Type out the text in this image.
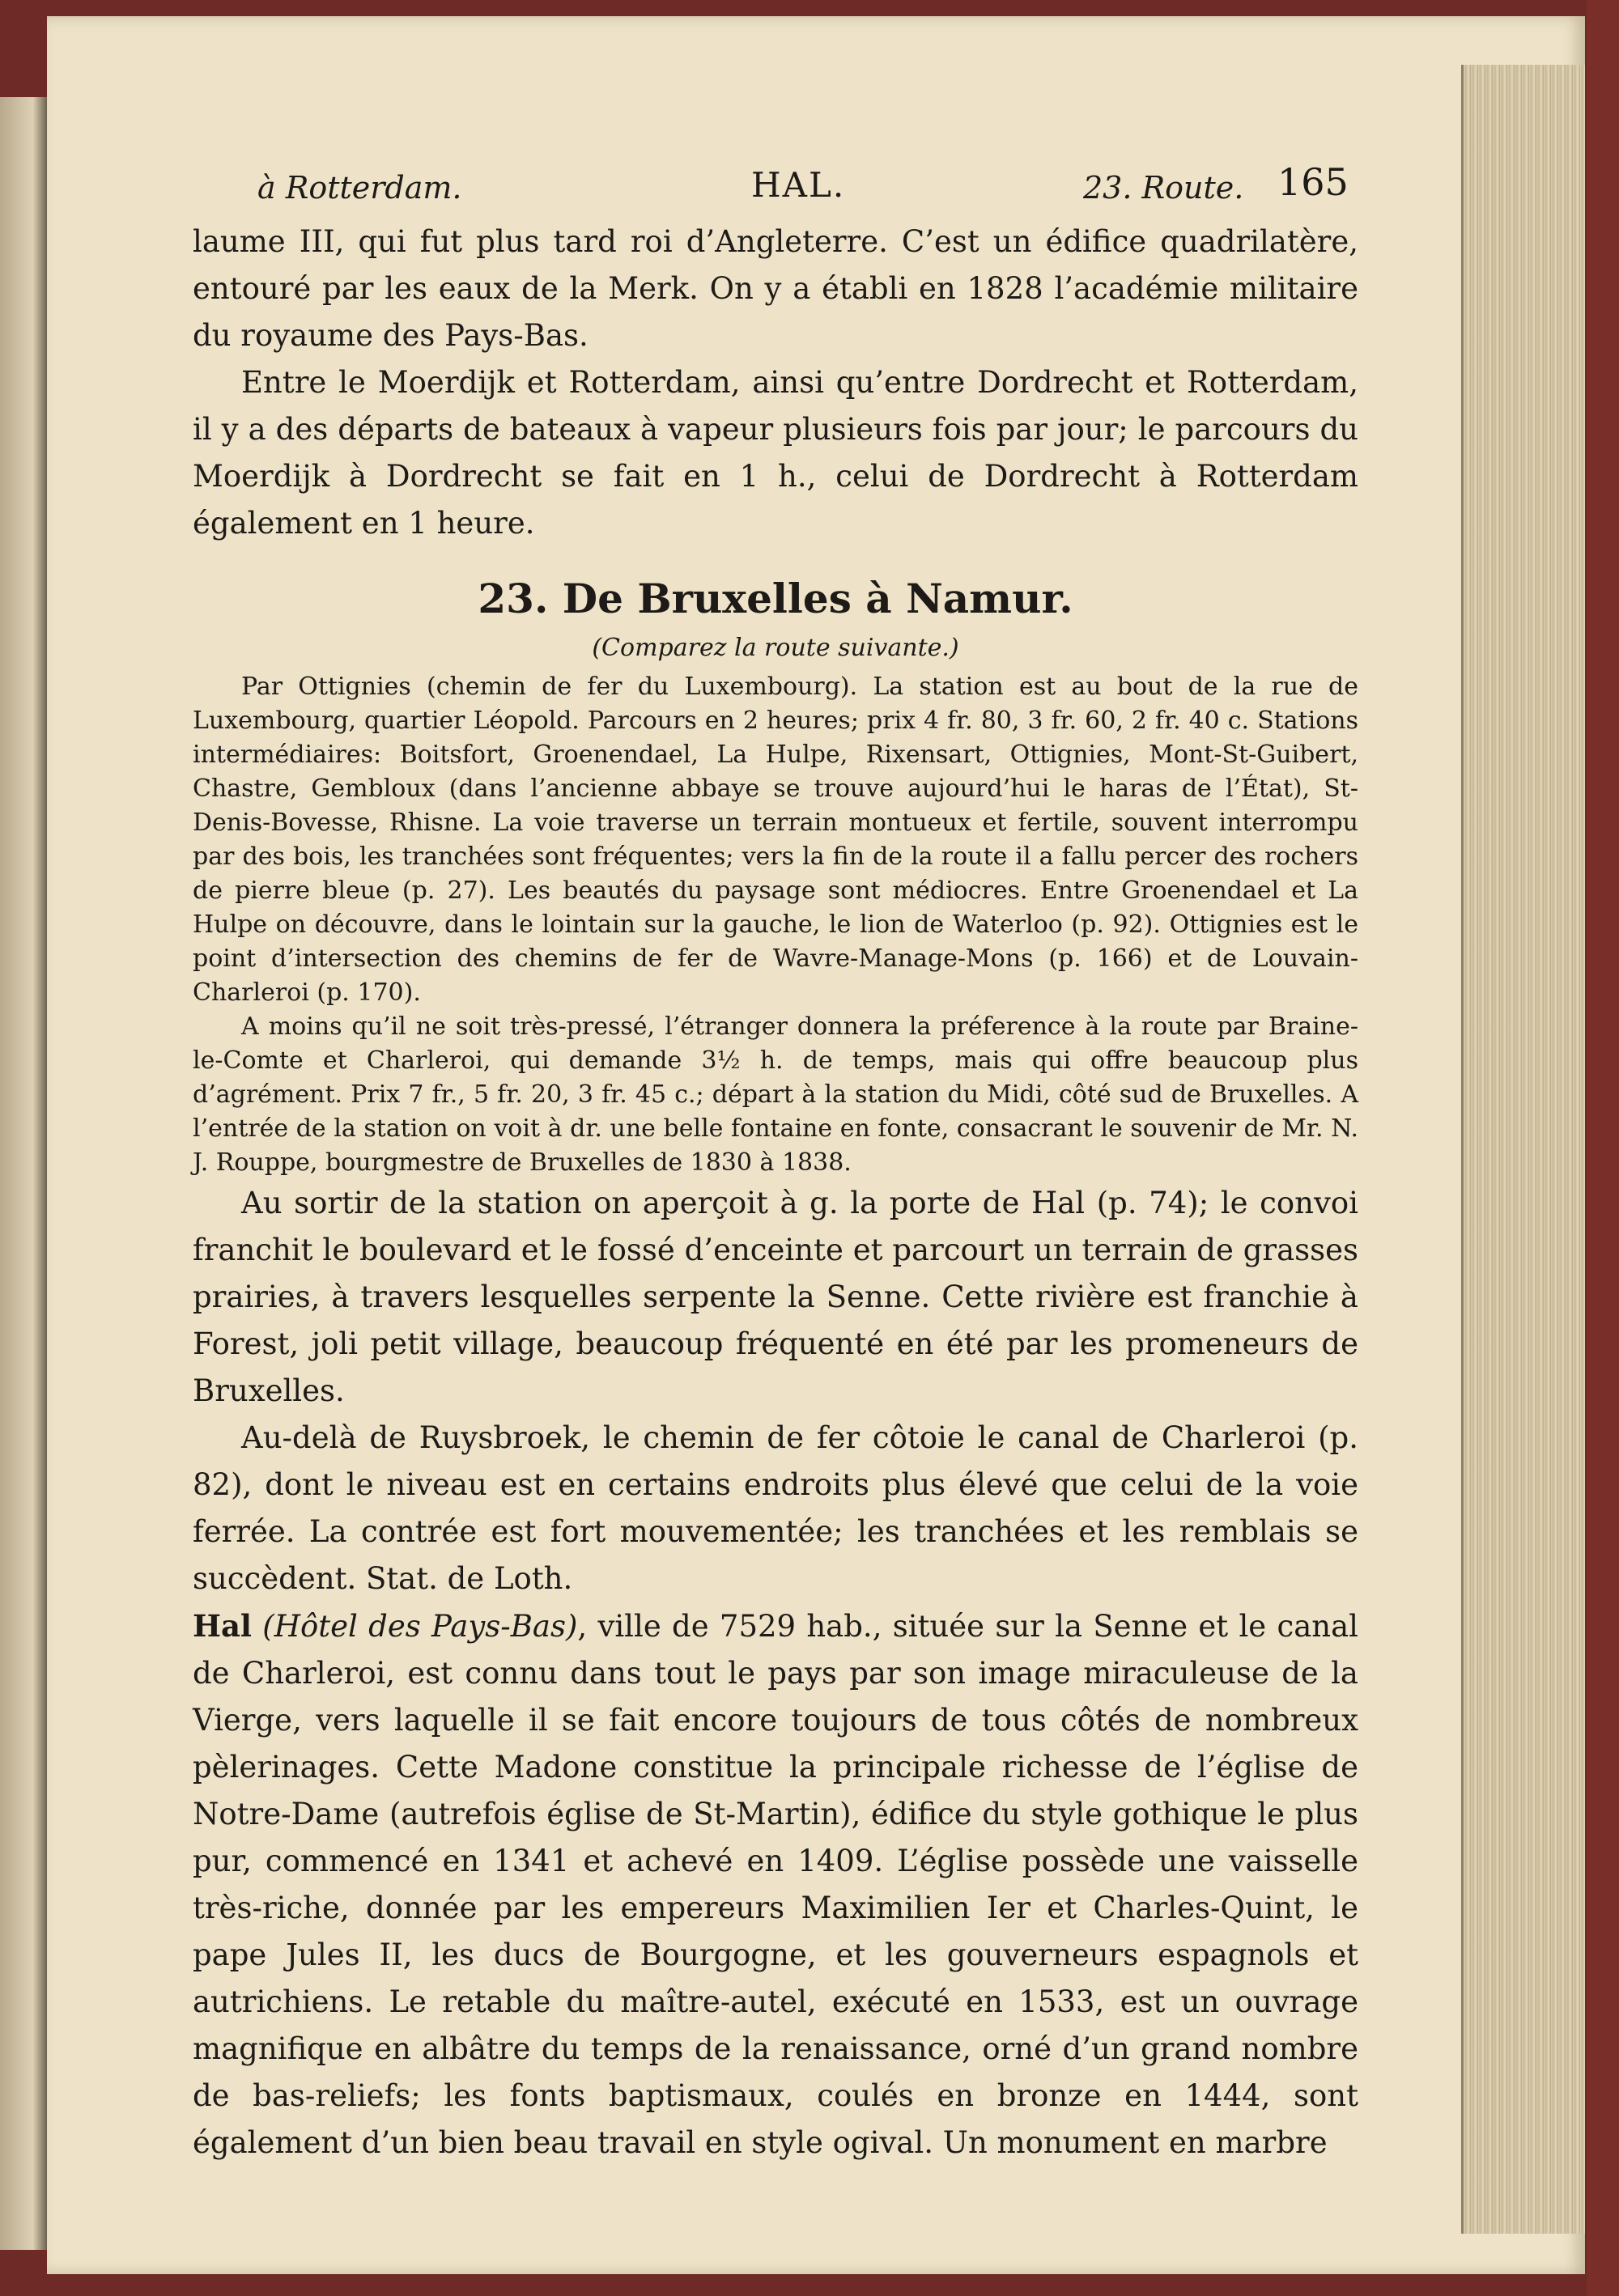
à Rotterdam.	HAL.	23. Route. 165

laume III, qui fut plus tard roi d’Angleterre. C’est un édifice quadrilatère, entouré par les eaux de la Merk. On y a établi en 1828 l’académie militaire du royaume des Pays-Bas.

Entre le Moerdijk et Rotterdam, ainsi qu’entre Dordrecht et Rotterdam, il y a des départs de bateaux à vapeur plusieurs fois par jour; le parcours du Moerdijk à Dordrecht se fait en 1 h., celui de Dordrecht à Rotterdam également en 1 heure.

23. De Bruxelles à Namur.
(Comparez la route suivante.)

Par Ottignies (chemin de fer du Luxembourg). La station est au bout de la rue de Luxembourg, quartier Léopold. Parcours en 2 heures; prix 4 fr. 80, 3 fr. 60, 2 fr. 40 c. Stations intermédiaires: Boitsfort, Groenendael, La Hulpe, Rixensart, Ottignies, Mont-St-Guibert, Chastre, Gembloux (dans l’ancienne abbaye se trouve aujourd’hui le haras de l’État), St-Denis-Bovesse, Rhisne. La voie traverse un terrain montueux et fertile, souvent interrompu par des bois, les tranchées sont fréquentes; vers la fin de la route il a fallu percer des rochers de pierre bleue (p. 27). Les beautés du paysage sont médiocres. Entre Groenendael et La Hulpe on découvre, dans le lointain sur la gauche, le lion de Waterloo (p. 92). Ottignies est le point d’intersection des chemins de fer de Wavre-Manage-Mons (p. 166) et de Louvain-Charleroi (p. 170).

A moins qu’il ne soit très-pressé, l’étranger donnera la préference à la route par Braine-le-Comte et Charleroi, qui demande 3½ h. de temps, mais qui offre beaucoup plus d’agrément. Prix 7 fr., 5 fr. 20, 3 fr. 45 c.; départ à la station du Midi, côté sud de Bruxelles. A l’entrée de la station on voit à dr. une belle fontaine en fonte, consacrant le souvenir de Mr. N. J. Rouppe, bourgmestre de Bruxelles de 1830 à 1838.

Au sortir de la station on aperçoit à g. la porte de Hal (p. 74); le convoi franchit le boulevard et le fossé d’enceinte et parcourt un terrain de grasses prairies, à travers lesquelles serpente la Senne. Cette rivière est franchie à Forest, joli petit village, beaucoup fréquenté en été par les promeneurs de Bruxelles.

Au-delà de Ruysbroek, le chemin de fer côtoie le canal de Charleroi (p. 82), dont le niveau est en certains endroits plus élevé que celui de la voie ferrée. La contrée est fort mouvementée; les tranchées et les remblais se succèdent. Stat. de Loth.

Hal (Hôtel des Pays-Bas), ville de 7529 hab., située sur la Senne et le canal de Charleroi, est connu dans tout le pays par son image miraculeuse de la Vierge, vers laquelle il se fait encore toujours de tous côtés de nombreux pèlerinages. Cette Madone constitue la principale richesse de l’église de Notre-Dame (autrefois église de St-Martin), édifice du style gothique le plus pur, commencé en 1341 et achevé en 1409. L’église possède une vaisselle très-riche, donnée par les empereurs Maximilien Ier et Charles-Quint, le pape Jules II, les ducs de Bourgogne, et les gouverneurs espagnols et autrichiens. Le retable du maître-autel, exécuté en 1533, est un ouvrage magnifique en albâtre du temps de la renaissance, orné d’un grand nombre de bas-reliefs; les fonts baptismaux, coulés en bronze en 1444, sont également d’un bien beau travail en style ogival. Un monument en marbre
